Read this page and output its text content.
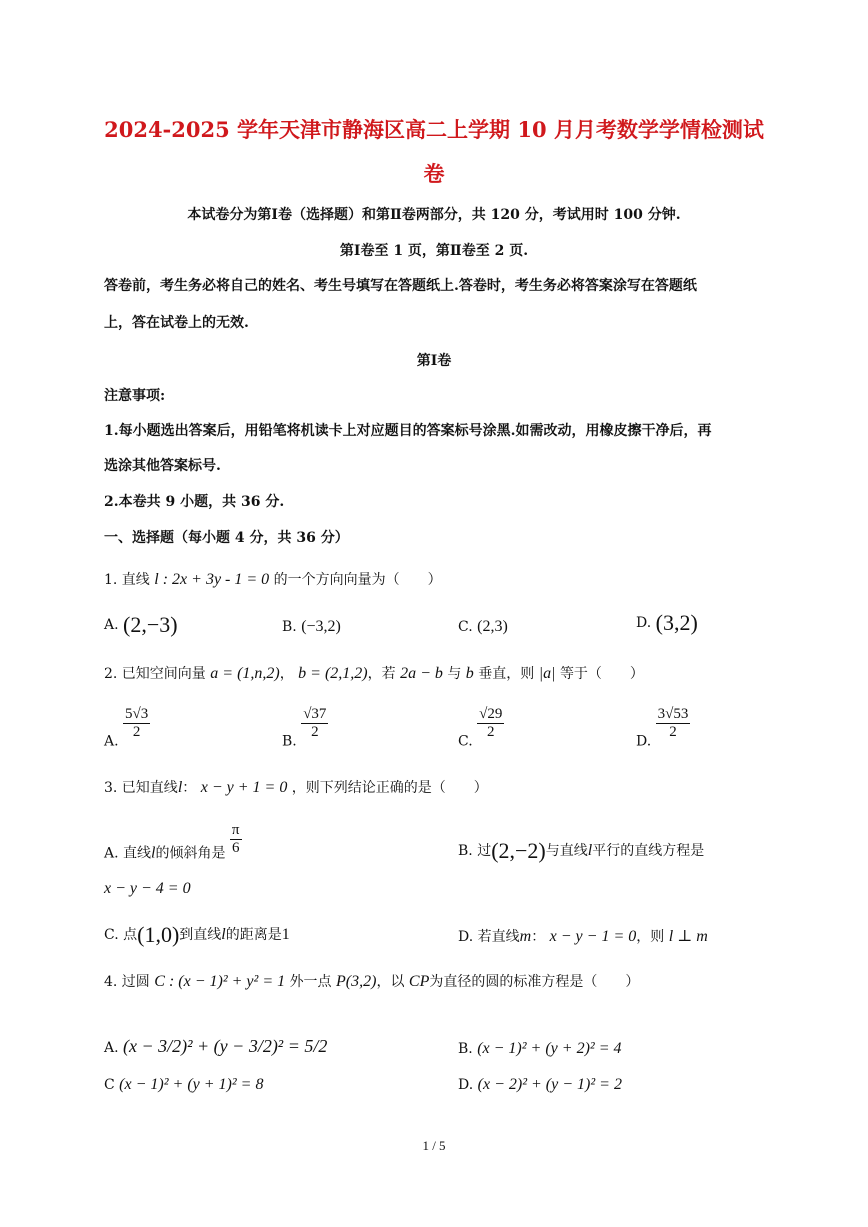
2024-2025 学年天津市静海区高二上学期 10 月月考数学学情检测试
卷
本试卷分为第Ⅰ卷（选择题）和第Ⅱ卷两部分，共 120 分，考试用时 100 分钟.
第Ⅰ卷至 1 页，第Ⅱ卷至 2 页.
答卷前，考生务必将自己的姓名、考生号填写在答题纸上.答卷时，考生务必将答案涂写在答题纸
上，答在试卷上的无效.
第Ⅰ卷
注意事项:
1.每小题选出答案后，用铅笔将机读卡上对应题目的答案标号涂黑.如需改动，用橡皮擦干净后，再
选涂其他答案标号.
2.本卷共 9 小题，共 36 分.
一、选择题（每小题 4 分，共 36 分）
1. 直线 l : 2x + 3y - 1 = 0 的一个方向向量为（　　）
A. (2,−3)	B. (−3,2)	C. (2,3)	D. (3,2)
2. 已知空间向量 a = (1,n,2)， b = (2,1,2)，若 2a − b 与 b 垂直，则 |a| 等于（　　）
A.
$\frac{5√3}{2}$
B.
$\frac{√37}{2}$
C.
$\frac{√29}{2}$
D.
$\frac{3√53}{2}$
3. 已知直线l： x − y + 1 = 0 ，则下列结论正确的是（　　）
A. 直线l的倾斜角是 $\frac{\pi}{6}$	B. 过(2,−2)与直线l平行的直线方程是
x − y − 4 = 0
C. 点(1,0)到直线l的距离是1	D. 若直线m： x − y − 1 = 0，则 l ⊥ m
4. 过圆 C : (x − 1)² + y² = 1 外一点 P(3,2)，以 CP为直径的圆的标准方程是（　　）
A. (x − 3/2)² + (y − 3/2)² = 5/2	B. (x − 1)² + (y + 2)² = 4
C (x − 1)² + (y + 1)² = 8	D. (x − 2)² + (y − 1)² = 2
1 / 5
